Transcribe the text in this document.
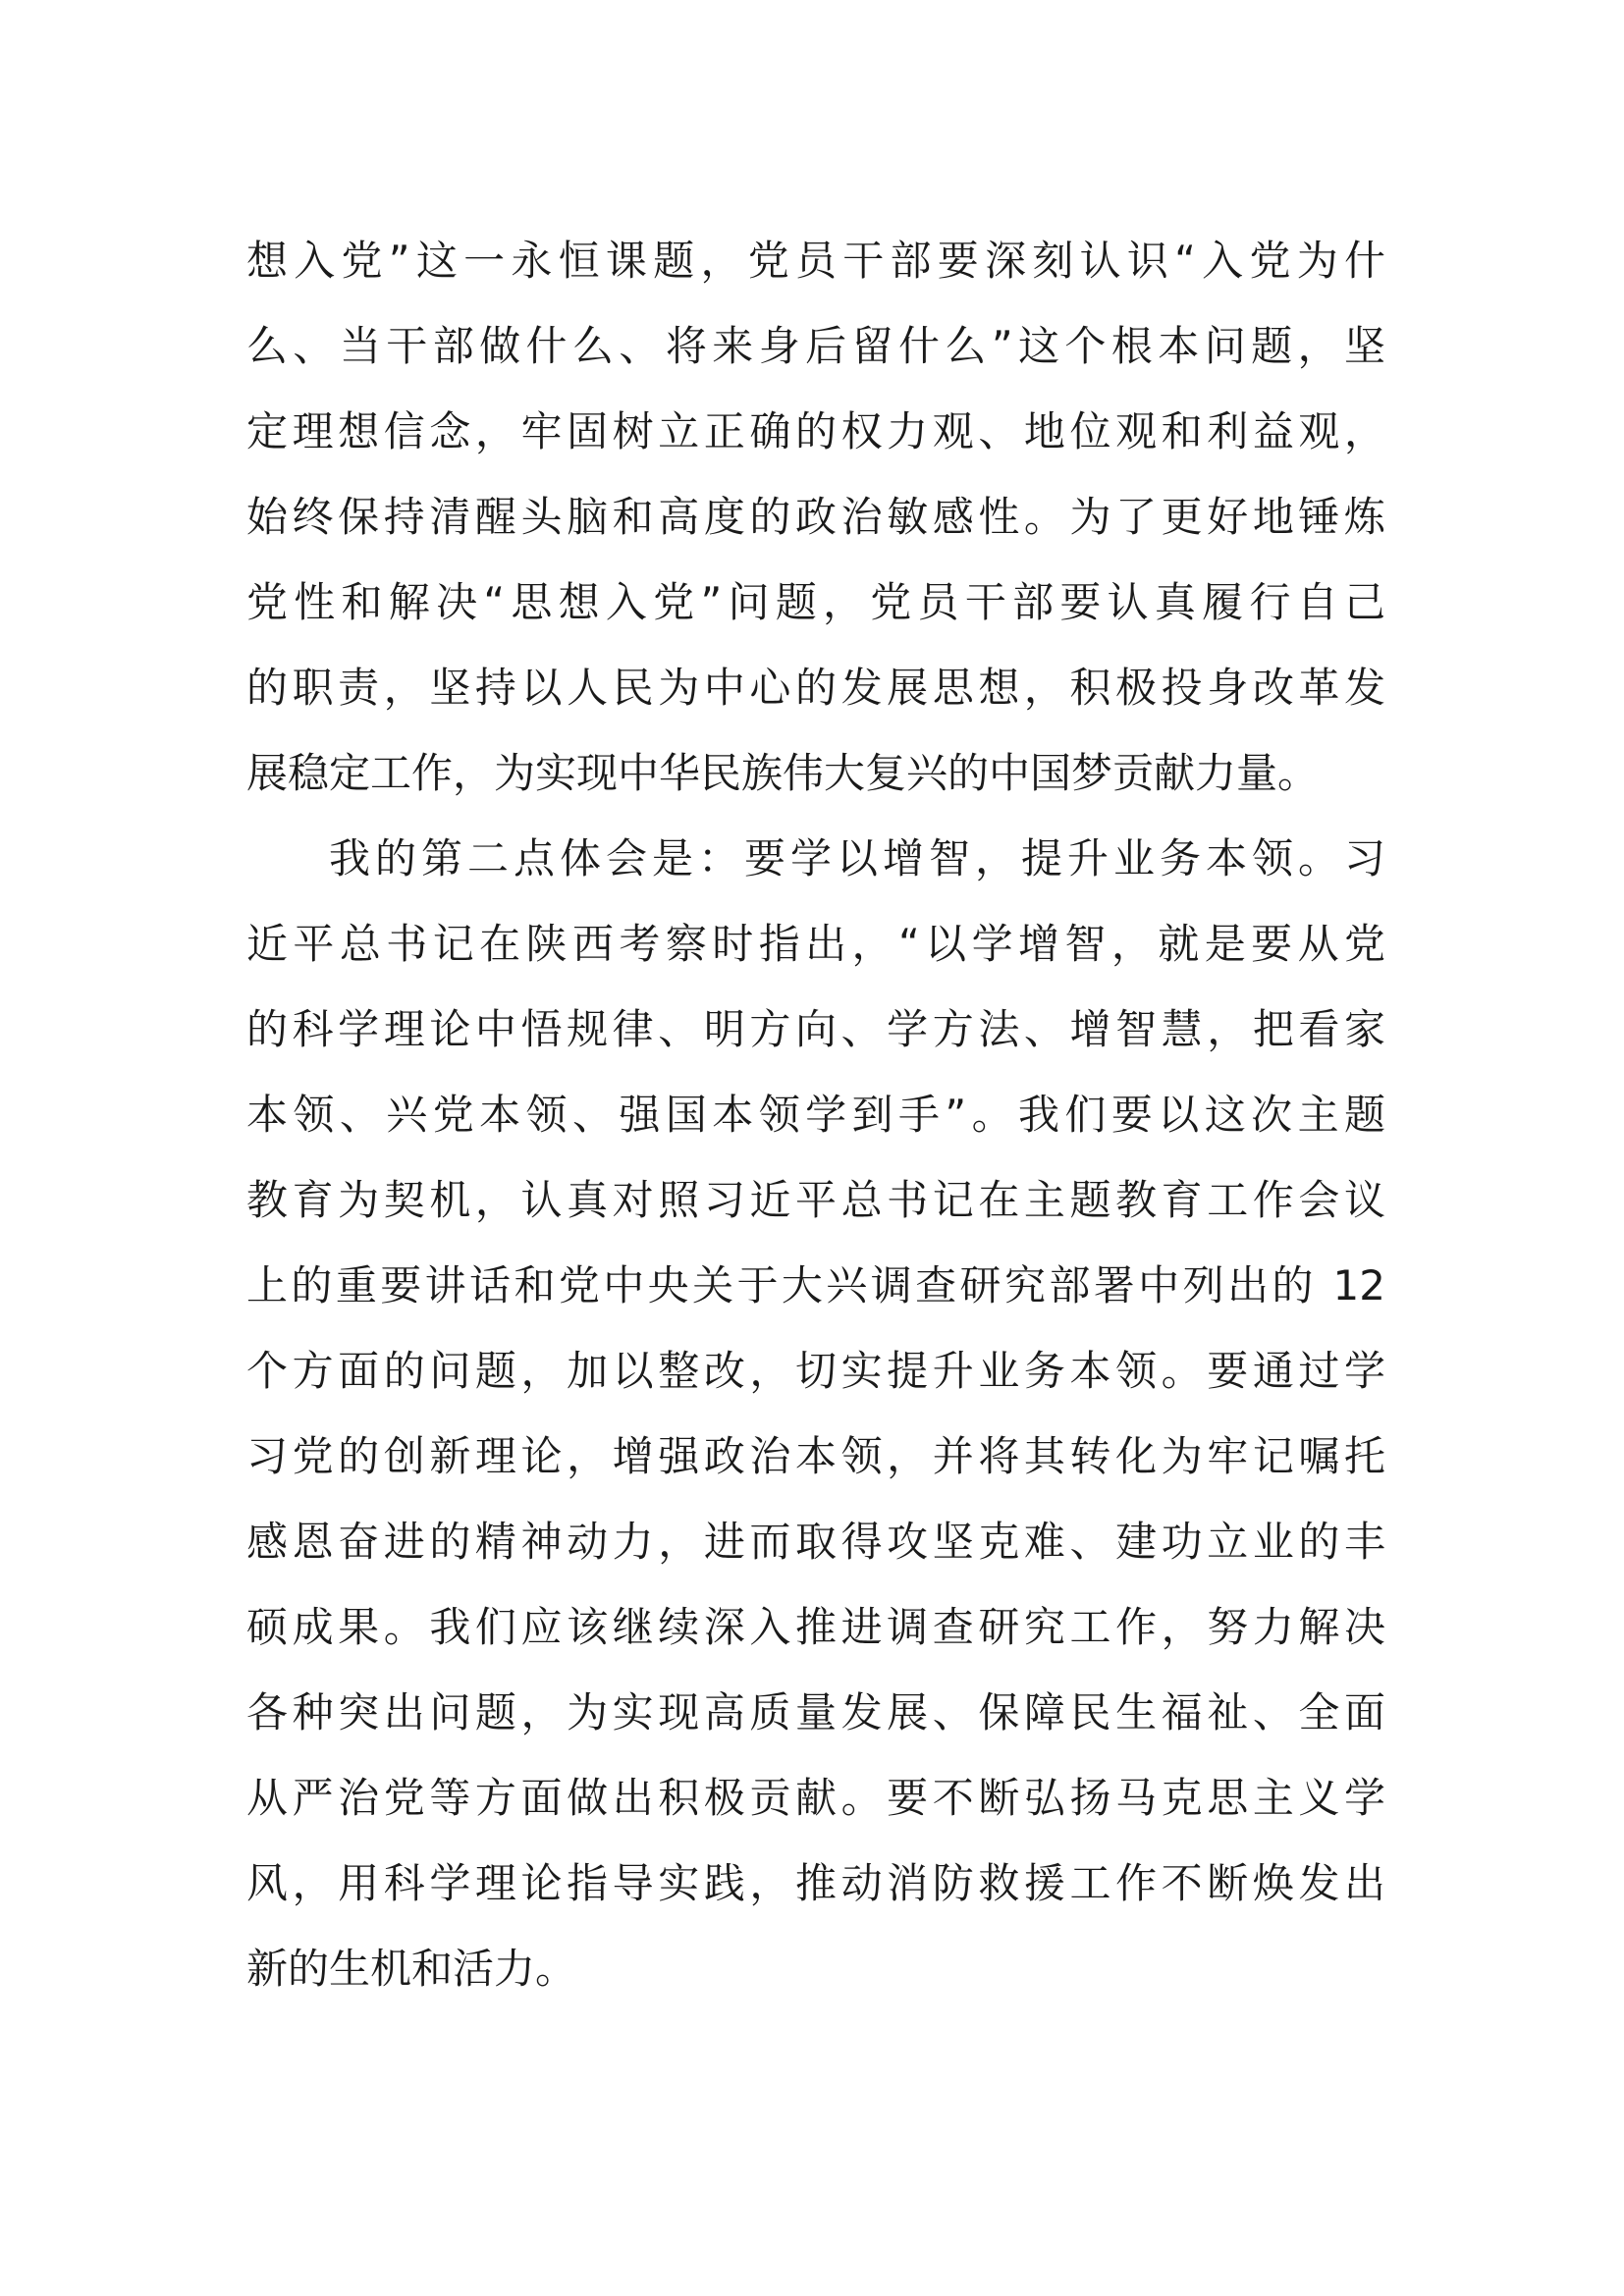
想入党”这一永恒课题，党员干部要深刻认识“入党为什
么、当干部做什么、将来身后留什么”这个根本问题，坚
定理想信念，牢固树立正确的权力观、地位观和利益观，
始终保持清醒头脑和高度的政治敏感性。为了更好地锤炼
党性和解决“思想入党”问题，党员干部要认真履行自己
的职责，坚持以人民为中心的发展思想，积极投身改革发
展稳定工作，为实现中华民族伟大复兴的中国梦贡献力量。
我的第二点体会是：要学以增智，提升业务本领。习
近平总书记在陕西考察时指出，“以学增智，就是要从党
的科学理论中悟规律、明方向、学方法、增智慧，把看家
本领、兴党本领、强国本领学到手”。我们要以这次主题
教育为契机，认真对照习近平总书记在主题教育工作会议
上的重要讲话和党中央关于大兴调查研究部署中列出的 12
个方面的问题，加以整改，切实提升业务本领。要通过学
习党的创新理论，增强政治本领，并将其转化为牢记嘱托
感恩奋进的精神动力，进而取得攻坚克难、建功立业的丰
硕成果。我们应该继续深入推进调查研究工作，努力解决
各种突出问题，为实现高质量发展、保障民生福祉、全面
从严治党等方面做出积极贡献。要不断弘扬马克思主义学
风，用科学理论指导实践，推动消防救援工作不断焕发出
新的生机和活力。
